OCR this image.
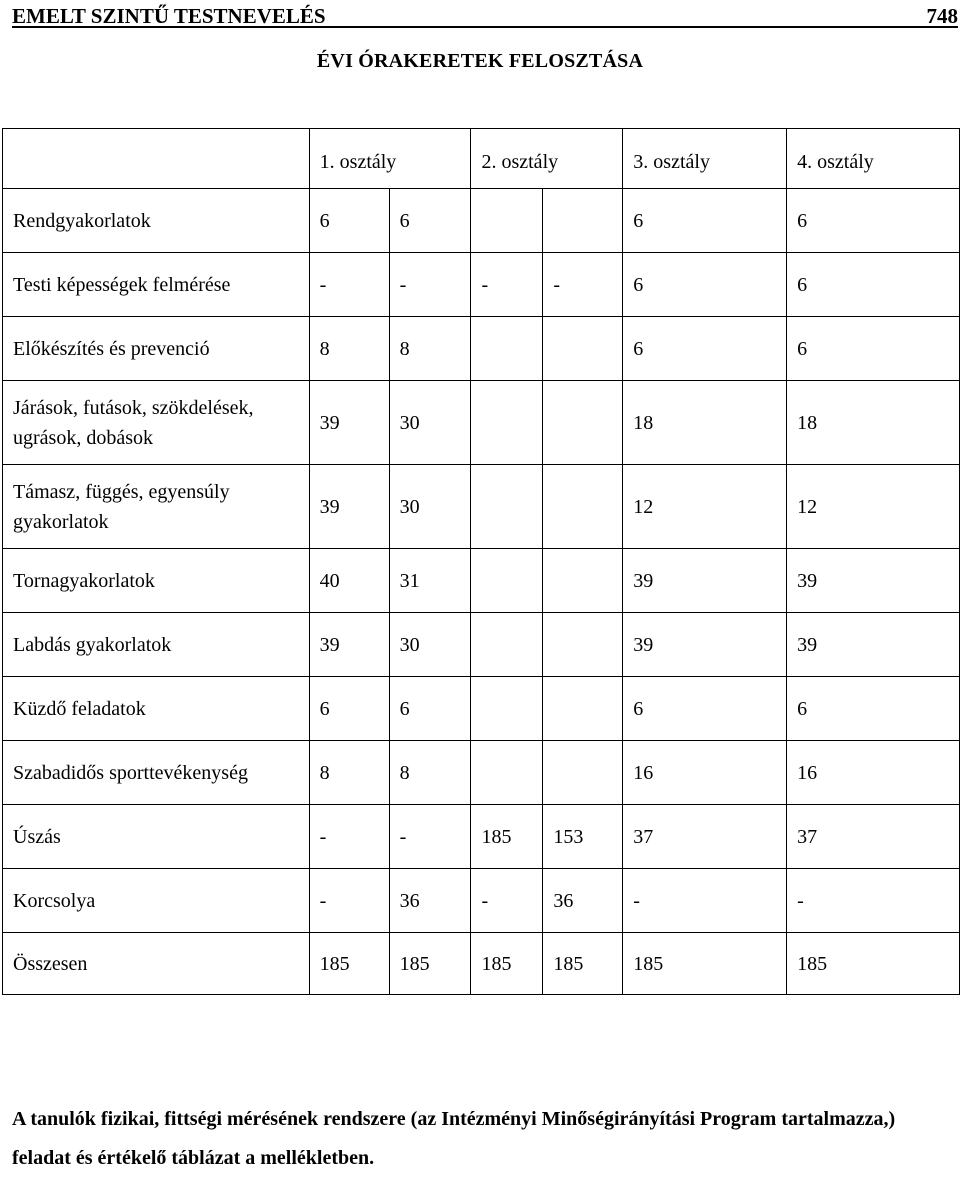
EMELT SZINTŰ TESTNEVELÉS	748
ÉVI ÓRAKERETEK FELOSZTÁSA
	1. osztály		2. osztály		3. osztály	4. osztály
Rendgyakorlatok	6	6			6	6
Testi képességek felmérése	-	-	-	-	6	6
Előkészítés és prevenció	8	8			6	6
Járások, futások, szökdelések, ugrások, dobások	39	30			18	18
Támasz, függés, egyensúly gyakorlatok	39	30			12	12
Tornagyakorlatok	40	31			39	39
Labdás gyakorlatok	39	30			39	39
Küzdő feladatok	6	6			6	6
Szabadidős sporttevékenység	8	8			16	16
Úszás	-	-	185	153	37	37
Korcsolya	-	36	-	36	-	-
Összesen	185	185	185	185	185	185
A tanulók fizikai, fittségi mérésének rendszere (az Intézményi Minőségirányítási Program tartalmazza,) feladat és értékelő táblázat a mellékletben.
